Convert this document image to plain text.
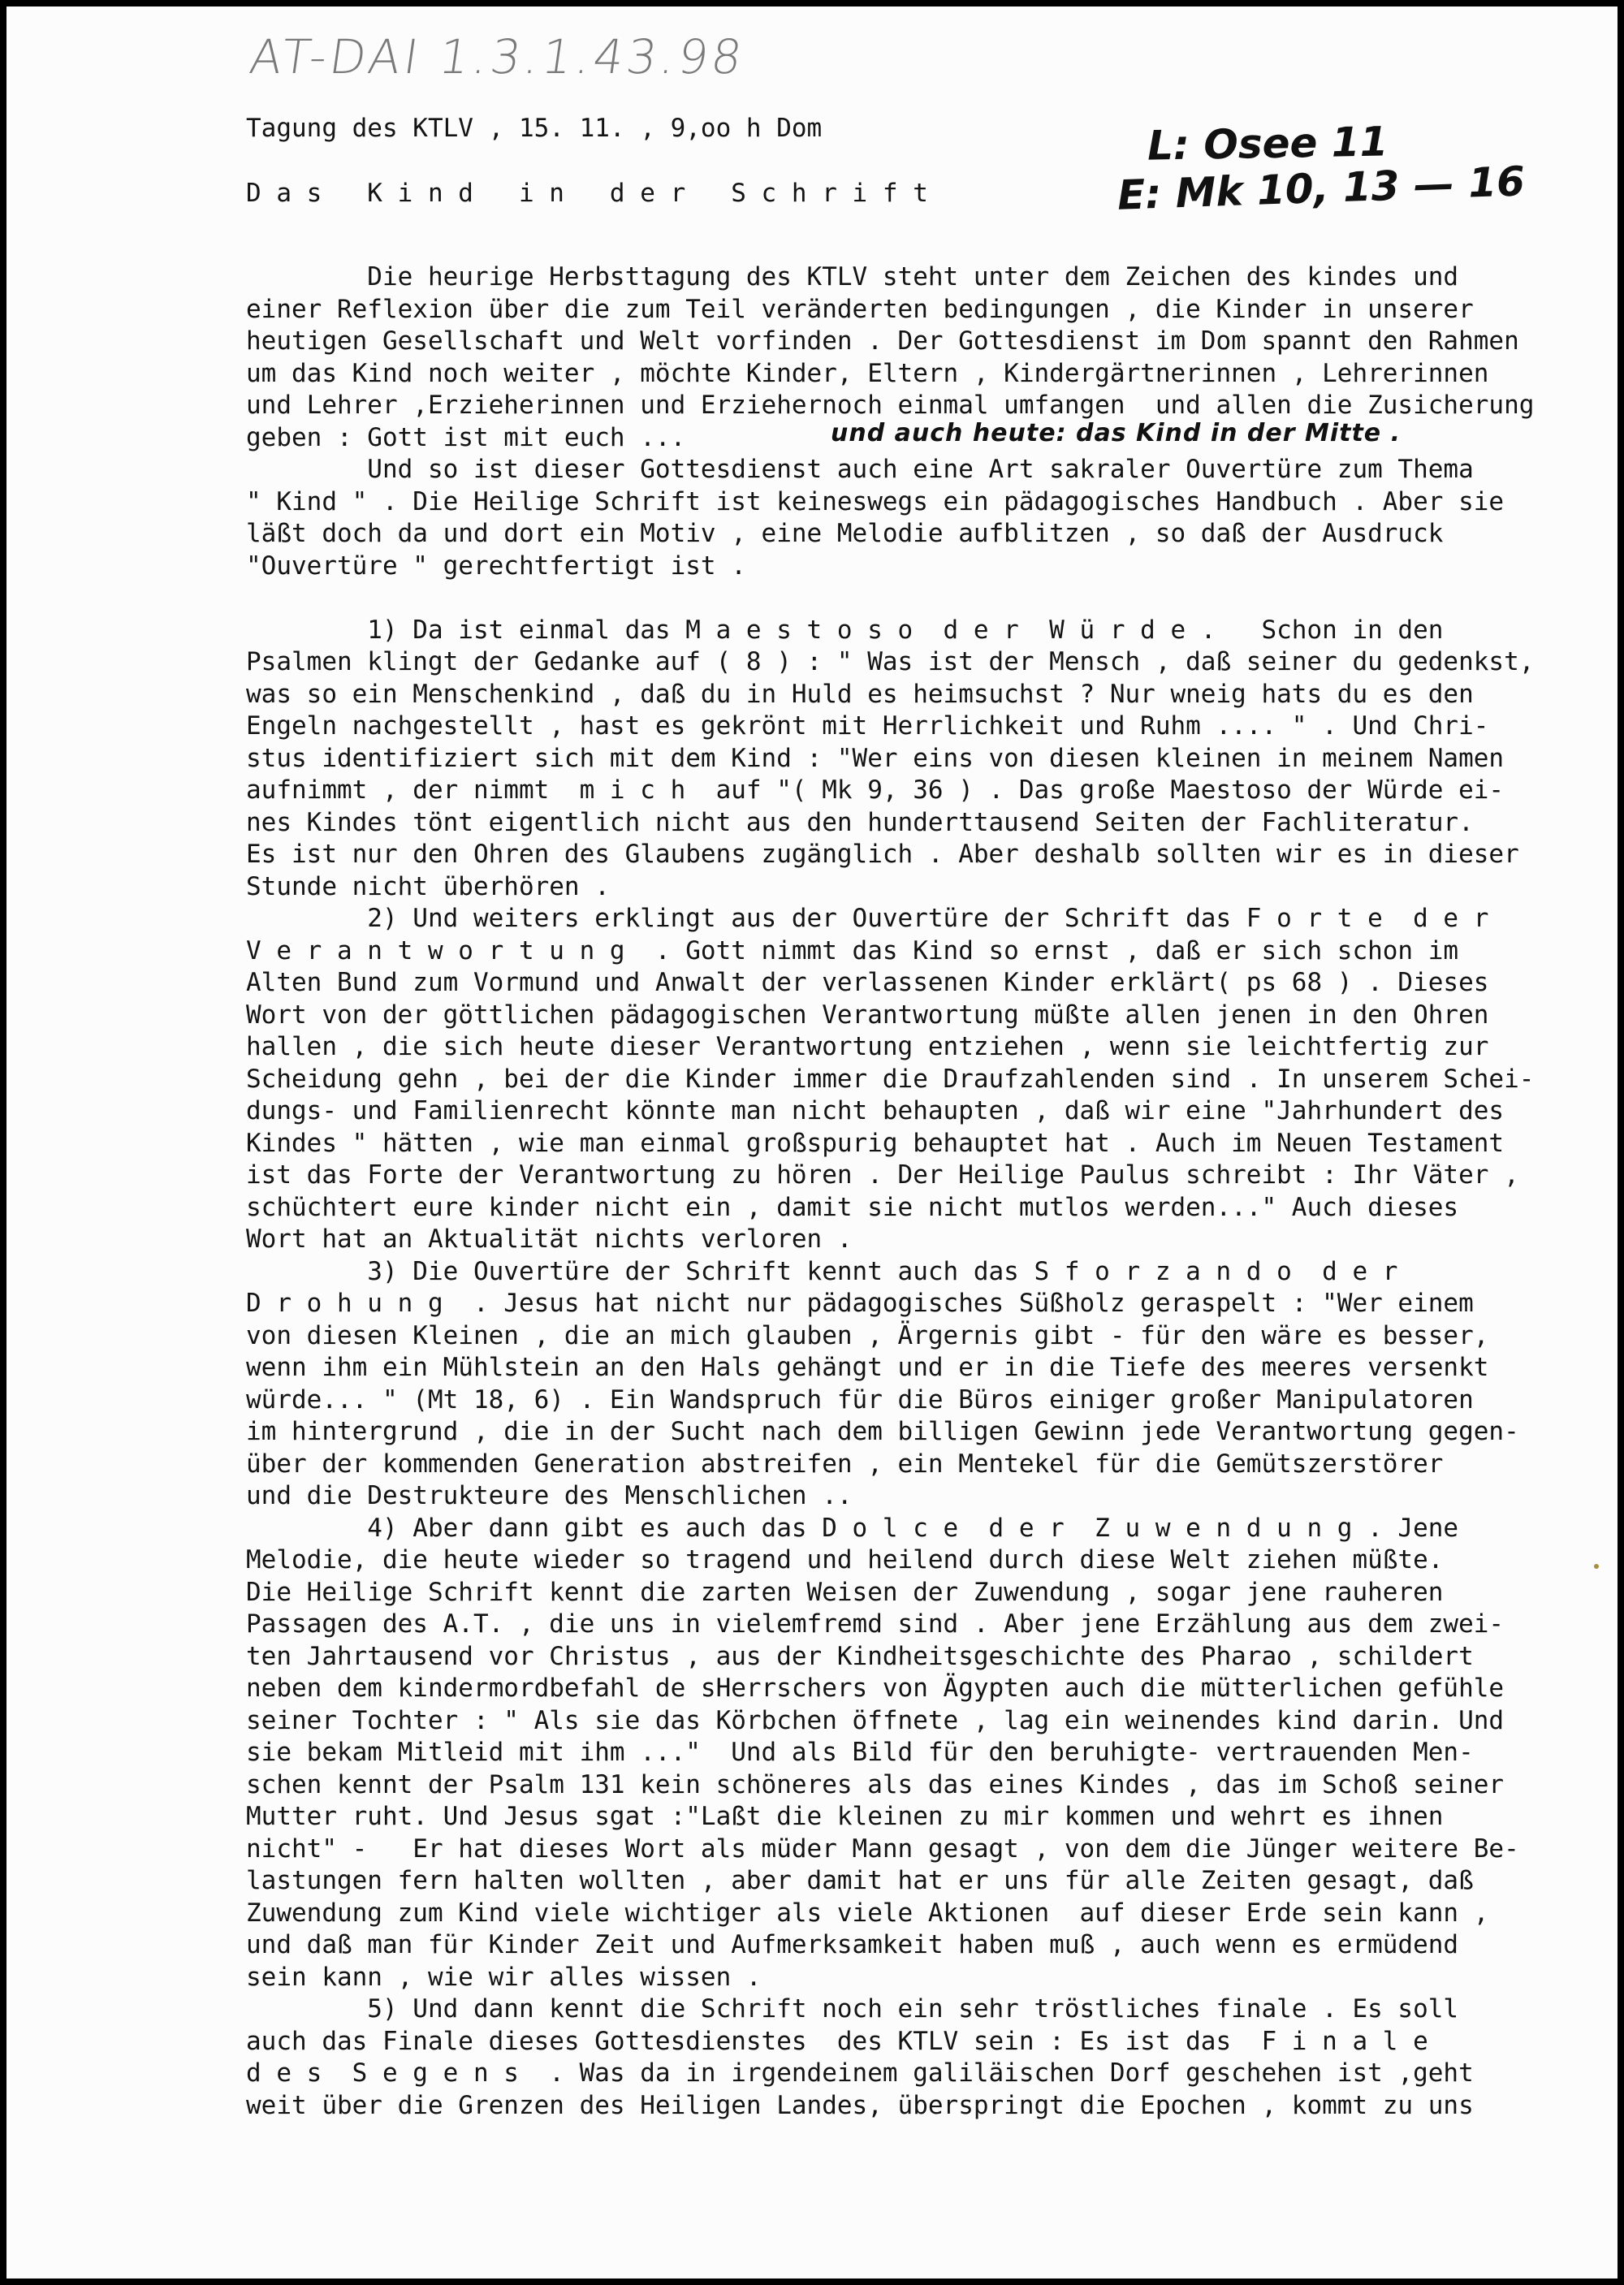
AT-DAI 1.3.1.43.98
L: Osee 11
E: Mk 10, 13 — 16
und auch heute: das Kind in der Mitte .
Tagung des KTLV , 15. 11. , 9,oo h Dom
D a s   K i n d   i n   d e r   S c h r i f t
Die heurige Herbsttagung des KTLV steht unter dem Zeichen des kindes und
einer Reflexion über die zum Teil veränderten bedingungen , die Kinder in unserer
heutigen Gesellschaft und Welt vorfinden . Der Gottesdienst im Dom spannt den Rahmen
um das Kind noch weiter , möchte Kinder, Eltern , Kindergärtnerinnen , Lehrerinnen
und Lehrer ,Erzieherinnen und Erziehernoch einmal umfangen  und allen die Zusicherung
geben : Gott ist mit euch ...
Und so ist dieser Gottesdienst auch eine Art sakraler Ouvertüre zum Thema
" Kind " . Die Heilige Schrift ist keineswegs ein pädagogisches Handbuch . Aber sie
läßt doch da und dort ein Motiv , eine Melodie aufblitzen , so daß der Ausdruck
"Ouvertüre " gerechtfertigt ist .

1) Da ist einmal das M a e s t o s o  d e r  W ü r d e .   Schon in den
Psalmen klingt der Gedanke auf ( 8 ) : " Was ist der Mensch , daß seiner du gedenkst,
was so ein Menschenkind , daß du in Huld es heimsuchst ? Nur wneig hats du es den
Engeln nachgestellt , hast es gekrönt mit Herrlichkeit und Ruhm .... " . Und Chri-
stus identifiziert sich mit dem Kind : "Wer eins von diesen kleinen in meinem Namen
aufnimmt , der nimmt  m i c h  auf "( Mk 9, 36 ) . Das große Maestoso der Würde ei-
nes Kindes tönt eigentlich nicht aus den hunderttausend Seiten der Fachliteratur.
Es ist nur den Ohren des Glaubens zugänglich . Aber deshalb sollten wir es in dieser
Stunde nicht überhören .
2) Und weiters erklingt aus der Ouvertüre der Schrift das F o r t e  d e r
V e r a n t w o r t u n g  . Gott nimmt das Kind so ernst , daß er sich schon im
Alten Bund zum Vormund und Anwalt der verlassenen Kinder erklärt( ps 68 ) . Dieses
Wort von der göttlichen pädagogischen Verantwortung müßte allen jenen in den Ohren
hallen , die sich heute dieser Verantwortung entziehen , wenn sie leichtfertig zur
Scheidung gehn , bei der die Kinder immer die Draufzahlenden sind . In unserem Schei-
dungs- und Familienrecht könnte man nicht behaupten , daß wir eine "Jahrhundert des
Kindes " hätten , wie man einmal großspurig behauptet hat . Auch im Neuen Testament
ist das Forte der Verantwortung zu hören . Der Heilige Paulus schreibt : Ihr Väter ,
schüchtert eure kinder nicht ein , damit sie nicht mutlos werden..." Auch dieses
Wort hat an Aktualität nichts verloren .
3) Die Ouvertüre der Schrift kennt auch das S f o r z a n d o  d e r
D r o h u n g  . Jesus hat nicht nur pädagogisches Süßholz geraspelt : "Wer einem
von diesen Kleinen , die an mich glauben , Ärgernis gibt - für den wäre es besser,
wenn ihm ein Mühlstein an den Hals gehängt und er in die Tiefe des meeres versenkt
würde... " (Mt 18, 6) . Ein Wandspruch für die Büros einiger großer Manipulatoren
im hintergrund , die in der Sucht nach dem billigen Gewinn jede Verantwortung gegen-
über der kommenden Generation abstreifen , ein Mentekel für die Gemütszerstörer
und die Destrukteure des Menschlichen ..
4) Aber dann gibt es auch das D o l c e  d e r  Z u w e n d u n g . Jene
Melodie, die heute wieder so tragend und heilend durch diese Welt ziehen müßte.
Die Heilige Schrift kennt die zarten Weisen der Zuwendung , sogar jene rauheren
Passagen des A.T. , die uns in vielemfremd sind . Aber jene Erzählung aus dem zwei-
ten Jahrtausend vor Christus , aus der Kindheitsgeschichte des Pharao , schildert
neben dem kindermordbefahl de sHerrschers von Ägypten auch die mütterlichen gefühle
seiner Tochter : " Als sie das Körbchen öffnete , lag ein weinendes kind darin. Und
sie bekam Mitleid mit ihm ..."  Und als Bild für den beruhigte- vertrauenden Men-
schen kennt der Psalm 131 kein schöneres als das eines Kindes , das im Schoß seiner
Mutter ruht. Und Jesus sgat :"Laßt die kleinen zu mir kommen und wehrt es ihnen
nicht" -   Er hat dieses Wort als müder Mann gesagt , von dem die Jünger weitere Be-
lastungen fern halten wollten , aber damit hat er uns für alle Zeiten gesagt, daß
Zuwendung zum Kind viele wichtiger als viele Aktionen  auf dieser Erde sein kann ,
und daß man für Kinder Zeit und Aufmerksamkeit haben muß , auch wenn es ermüdend
sein kann , wie wir alles wissen .
5) Und dann kennt die Schrift noch ein sehr tröstliches finale . Es soll
auch das Finale dieses Gottesdienstes  des KTLV sein : Es ist das  F i n a l e
d e s  S e g e n s  . Was da in irgendeinem galiläischen Dorf geschehen ist ,geht
weit über die Grenzen des Heiligen Landes, überspringt die Epochen , kommt zu uns
